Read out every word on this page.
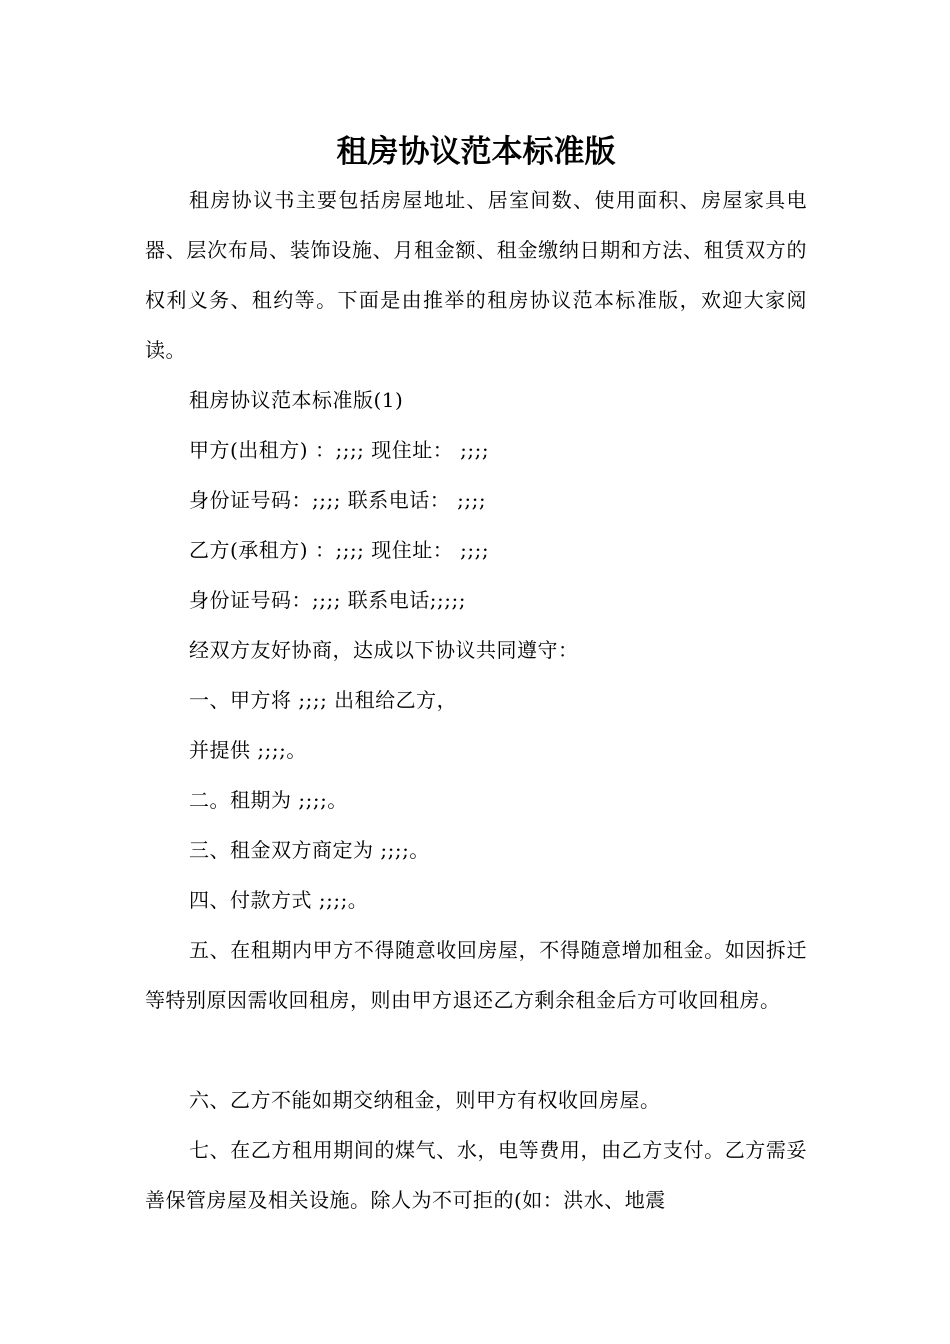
租房协议范本标准版

租房协议书主要包括房屋地址、居室间数、使用面积、房屋家具电器、层次布局、装饰设施、月租金额、租金缴纳日期和方法、租赁双方的权利义务、租约等。下面是由推举的租房协议范本标准版，欢迎大家阅读。

租房协议范本标准版(1)

甲方(出租方) ：;;;; 现住址： ;;;;

身份证号码：;;;; 联系电话： ;;;;

乙方(承租方) ：;;;; 现住址： ;;;;

身份证号码：;;;; 联系电话;;;;;

经双方友好协商，达成以下协议共同遵守：

一、甲方将 ;;;; 出租给乙方，

并提供 ;;;;。

二。租期为 ;;;;。

三、租金双方商定为 ;;;;。

四、付款方式 ;;;;。

五、在租期内甲方不得随意收回房屋，不得随意增加租金。如因拆迁等特别原因需收回租房，则由甲方退还乙方剩余租金后方可收回租房。

六、乙方不能如期交纳租金，则甲方有权收回房屋。

七、在乙方租用期间的煤气、水，电等费用，由乙方支付。乙方需妥善保管房屋及相关设施。除人为不可拒的(如：洪水、地震
